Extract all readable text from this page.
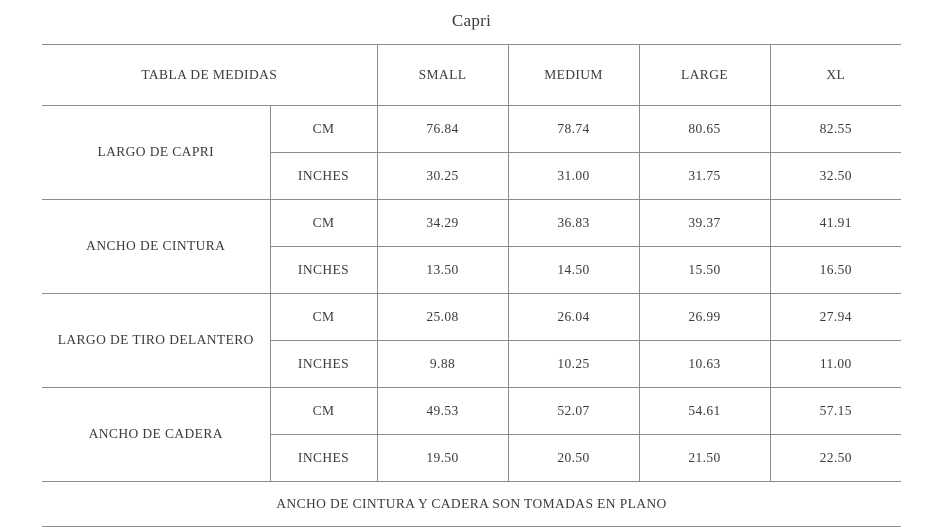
Capri
TABLA DE MEDIDAS		SMALL	MEDIUM	LARGE	XL
LARGO DE CAPRI	CM	76.84	78.74	80.65	82.55
	INCHES	30.25	31.00	31.75	32.50
ANCHO DE CINTURA	CM	34.29	36.83	39.37	41.91
	INCHES	13.50	14.50	15.50	16.50
LARGO DE TIRO DELANTERO	CM	25.08	26.04	26.99	27.94
	INCHES	9.88	10.25	10.63	11.00
ANCHO DE CADERA	CM	49.53	52.07	54.61	57.15
	INCHES	19.50	20.50	21.50	22.50
ANCHO DE CINTURA Y CADERA SON TOMADAS EN PLANO					
